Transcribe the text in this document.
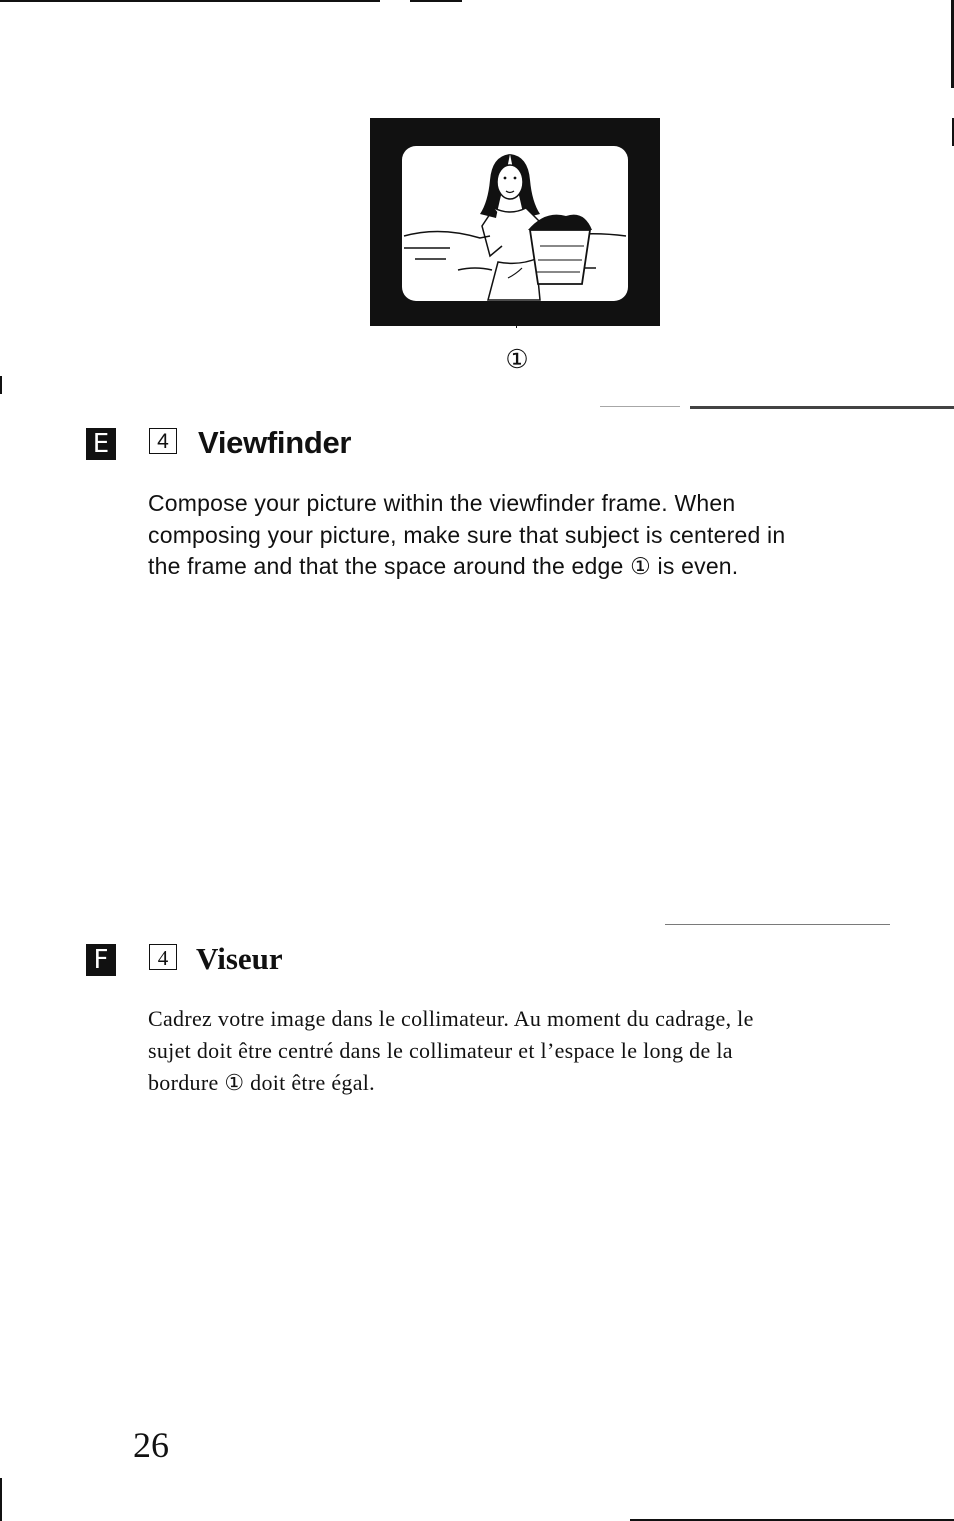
①
E	4 Viewfinder
Compose your picture within the viewfinder frame. When
composing your picture, make sure that subject is centered in
the frame and that the space around the edge ① is even.
F	4 Viseur
Cadrez votre image dans le collimateur. Au moment du cadrage, le
sujet doit être centré dans le collimateur et l’espace le long de la
bordure ① doit être égal.
26
